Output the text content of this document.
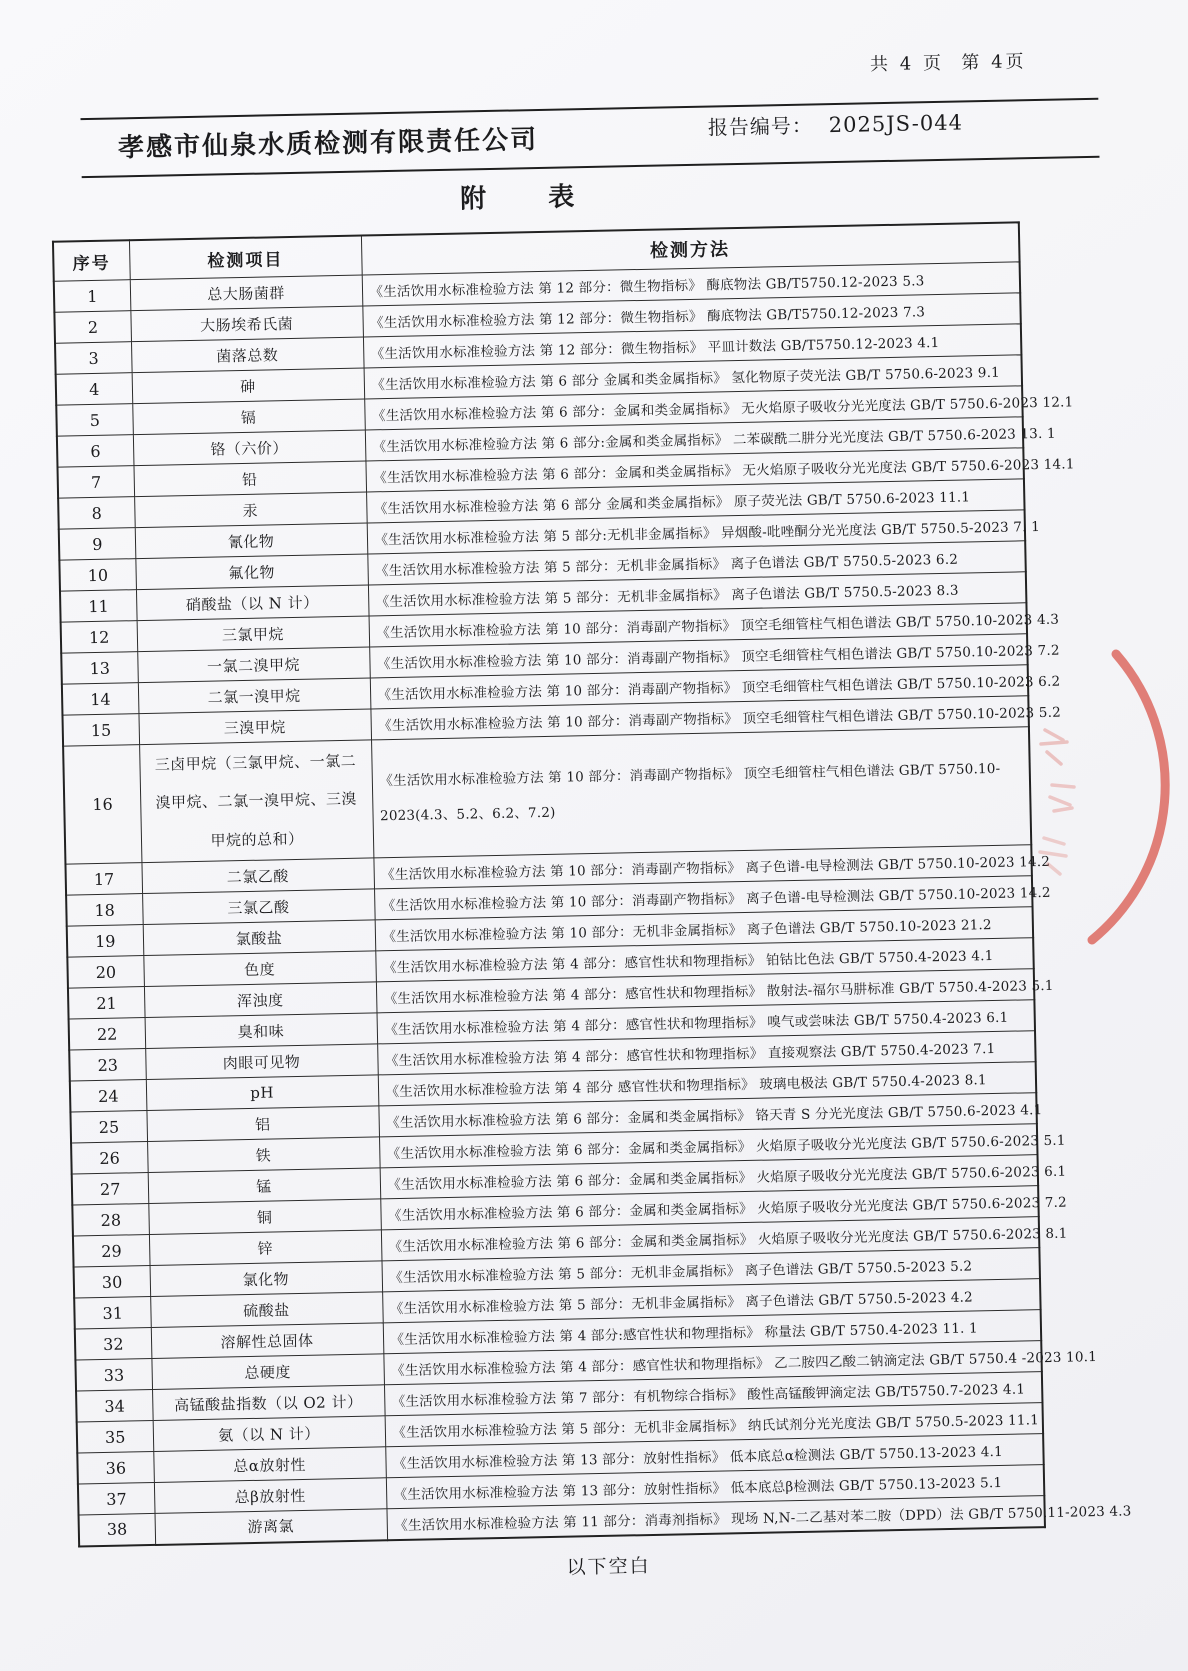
共 4 页  第 4页
孝感市仙泉水质检测有限责任公司	报告编号： 2025JS-044
附 表
序号	检测项目	检测方法
1	总大肠菌群	《生活饮用水标准检验方法 第 12 部分：微生物指标》 酶底物法 GB/T5750.12-2023 5.3
2	大肠埃希氏菌	《生活饮用水标准检验方法 第 12 部分：微生物指标》 酶底物法 GB/T5750.12-2023 7.3
3	菌落总数	《生活饮用水标准检验方法 第 12 部分：微生物指标》 平皿计数法 GB/T5750.12-2023 4.1
4	砷	《生活饮用水标准检验方法 第 6 部分 金属和类金属指标》 氢化物原子荧光法 GB/T 5750.6-2023 9.1
5	镉	《生活饮用水标准检验方法 第 6 部分：金属和类金属指标》 无火焰原子吸收分光光度法 GB/T 5750.6-2023 12.1
6	铬（六价）	《生活饮用水标准检验方法 第 6 部分:金属和类金属指标》 二苯碳酰二肼分光光度法 GB/T 5750.6-2023 13. 1
7	铅	《生活饮用水标准检验方法 第 6 部分：金属和类金属指标》 无火焰原子吸收分光光度法 GB/T 5750.6-2023 14.1
8	汞	《生活饮用水标准检验方法 第 6 部分 金属和类金属指标》 原子荧光法 GB/T 5750.6-2023 11.1
9	氰化物	《生活饮用水标准检验方法 第 5 部分:无机非金属指标》 异烟酸-吡唑酮分光光度法 GB/T 5750.5-2023 7. 1
10	氟化物	《生活饮用水标准检验方法 第 5 部分：无机非金属指标》 离子色谱法 GB/T 5750.5-2023 6.2
11	硝酸盐（以 N 计）	《生活饮用水标准检验方法 第 5 部分：无机非金属指标》 离子色谱法 GB/T 5750.5-2023 8.3
12	三氯甲烷	《生活饮用水标准检验方法 第 10 部分：消毒副产物指标》 顶空毛细管柱气相色谱法 GB/T 5750.10-2023 4.3
13	一氯二溴甲烷	《生活饮用水标准检验方法 第 10 部分：消毒副产物指标》 顶空毛细管柱气相色谱法 GB/T 5750.10-2023 7.2
14	二氯一溴甲烷	《生活饮用水标准检验方法 第 10 部分：消毒副产物指标》 顶空毛细管柱气相色谱法 GB/T 5750.10-2023 6.2
15	三溴甲烷	《生活饮用水标准检验方法 第 10 部分：消毒副产物指标》 顶空毛细管柱气相色谱法 GB/T 5750.10-2023 5.2
16	三卤甲烷（三氯甲烷、一氯二溴甲烷、二氯一溴甲烷、三溴甲烷的总和）	《生活饮用水标准检验方法 第 10 部分：消毒副产物指标》 顶空毛细管柱气相色谱法 GB/T 5750.10-2023(4.3、5.2、6.2、7.2)
17	二氯乙酸	《生活饮用水标准检验方法 第 10 部分：消毒副产物指标》 离子色谱-电导检测法 GB/T 5750.10-2023 14.2
18	三氯乙酸	《生活饮用水标准检验方法 第 10 部分：消毒副产物指标》 离子色谱-电导检测法 GB/T 5750.10-2023 14.2
19	氯酸盐	《生活饮用水标准检验方法 第 10 部分：无机非金属指标》 离子色谱法 GB/T 5750.10-2023 21.2
20	色度	《生活饮用水标准检验方法 第 4 部分：感官性状和物理指标》 铂钴比色法 GB/T 5750.4-2023 4.1
21	浑浊度	《生活饮用水标准检验方法 第 4 部分：感官性状和物理指标》 散射法-福尔马肼标准 GB/T 5750.4-2023 5.1
22	臭和味	《生活饮用水标准检验方法 第 4 部分：感官性状和物理指标》 嗅气或尝味法 GB/T 5750.4-2023 6.1
23	肉眼可见物	《生活饮用水标准检验方法 第 4 部分：感官性状和物理指标》 直接观察法 GB/T 5750.4-2023 7.1
24	pH	《生活饮用水标准检验方法 第 4 部分 感官性状和物理指标》 玻璃电极法 GB/T 5750.4-2023 8.1
25	铝	《生活饮用水标准检验方法 第 6 部分：金属和类金属指标》 铬天青 S 分光光度法 GB/T 5750.6-2023 4.1
26	铁	《生活饮用水标准检验方法 第 6 部分：金属和类金属指标》 火焰原子吸收分光光度法 GB/T 5750.6-2023 5.1
27	锰	《生活饮用水标准检验方法 第 6 部分：金属和类金属指标》 火焰原子吸收分光光度法 GB/T 5750.6-2023 6.1
28	铜	《生活饮用水标准检验方法 第 6 部分：金属和类金属指标》 火焰原子吸收分光光度法 GB/T 5750.6-2023 7.2
29	锌	《生活饮用水标准检验方法 第 6 部分：金属和类金属指标》 火焰原子吸收分光光度法 GB/T 5750.6-2023 8.1
30	氯化物	《生活饮用水标准检验方法 第 5 部分：无机非金属指标》 离子色谱法 GB/T 5750.5-2023 5.2
31	硫酸盐	《生活饮用水标准检验方法 第 5 部分：无机非金属指标》 离子色谱法 GB/T 5750.5-2023 4.2
32	溶解性总固体	《生活饮用水标准检验方法 第 4 部分:感官性状和物理指标》 称量法 GB/T 5750.4-2023 11. 1
33	总硬度	《生活饮用水标准检验方法 第 4 部分：感官性状和物理指标》 乙二胺四乙酸二钠滴定法 GB/T 5750.4 -2023 10.1
34	高锰酸盐指数（以 O2 计）	《生活饮用水标准检验方法 第 7 部分：有机物综合指标》 酸性高锰酸钾滴定法 GB/T5750.7-2023 4.1
35	氨（以 N 计）	《生活饮用水标准检验方法 第 5 部分：无机非金属指标》 纳氏试剂分光光度法 GB/T 5750.5-2023 11.1
36	总α放射性	《生活饮用水标准检验方法 第 13 部分：放射性指标》 低本底总α检测法 GB/T 5750.13-2023 4.1
37	总β放射性	《生活饮用水标准检验方法 第 13 部分：放射性指标》 低本底总β检测法 GB/T 5750.13-2023 5.1
38	游离氯	《生活饮用水标准检验方法 第 11 部分：消毒剂指标》 现场 N,N-二乙基对苯二胺（DPD）法 GB/T 5750.11-2023 4.3
以下空白
